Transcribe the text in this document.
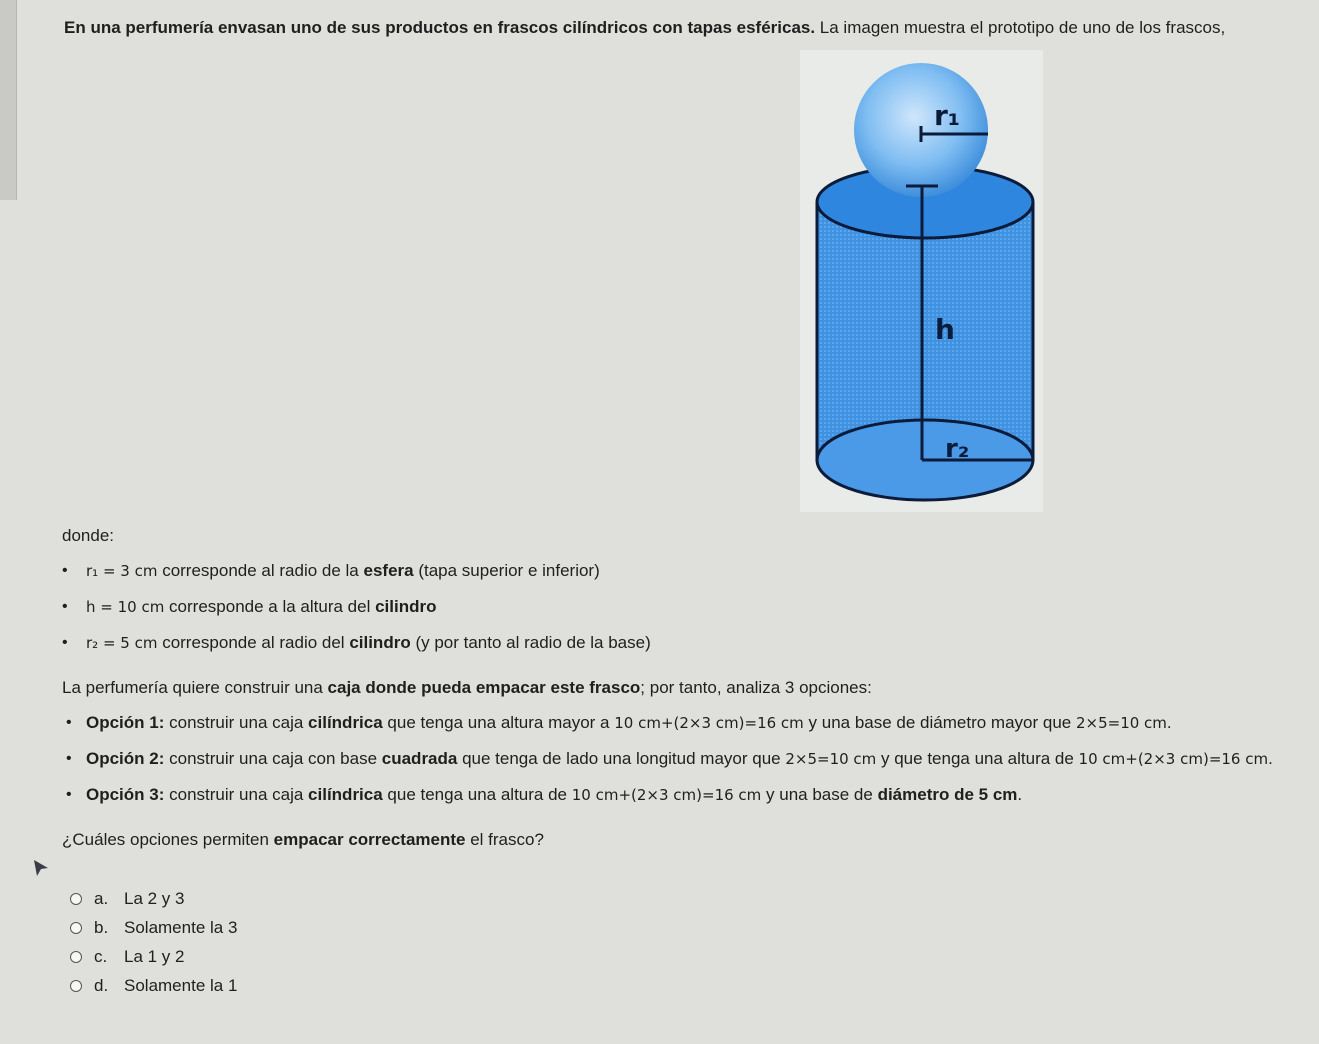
En una perfumería envasan uno de sus productos en frascos cilíndricos con tapas esféricas. La imagen muestra el prototipo de uno de los frascos,
r₁
h
r₂
donde:
• r₁ = 3 cm corresponde al radio de la esfera (tapa superior e inferior)
• h = 10 cm corresponde a la altura del cilindro
• r₂ = 5 cm corresponde al radio del cilindro (y por tanto al radio de la base)
La perfumería quiere construir una caja donde pueda empacar este frasco; por tanto, analiza 3 opciones:
• Opción 1: construir una caja cilíndrica que tenga una altura mayor a 10 cm+(2×3 cm)=16 cm y una base de diámetro mayor que 2×5=10 cm.
• Opción 2: construir una caja con base cuadrada que tenga de lado una longitud mayor que 2×5=10 cm y que tenga una altura de 10 cm+(2×3 cm)=16 cm.
• Opción 3: construir una caja cilíndrica que tenga una altura de 10 cm+(2×3 cm)=16 cm y una base de diámetro de 5 cm.
¿Cuáles opciones permiten empacar correctamente el frasco?
a. La 2 y 3
b. Solamente la 3
c. La 1 y 2
d. Solamente la 1
